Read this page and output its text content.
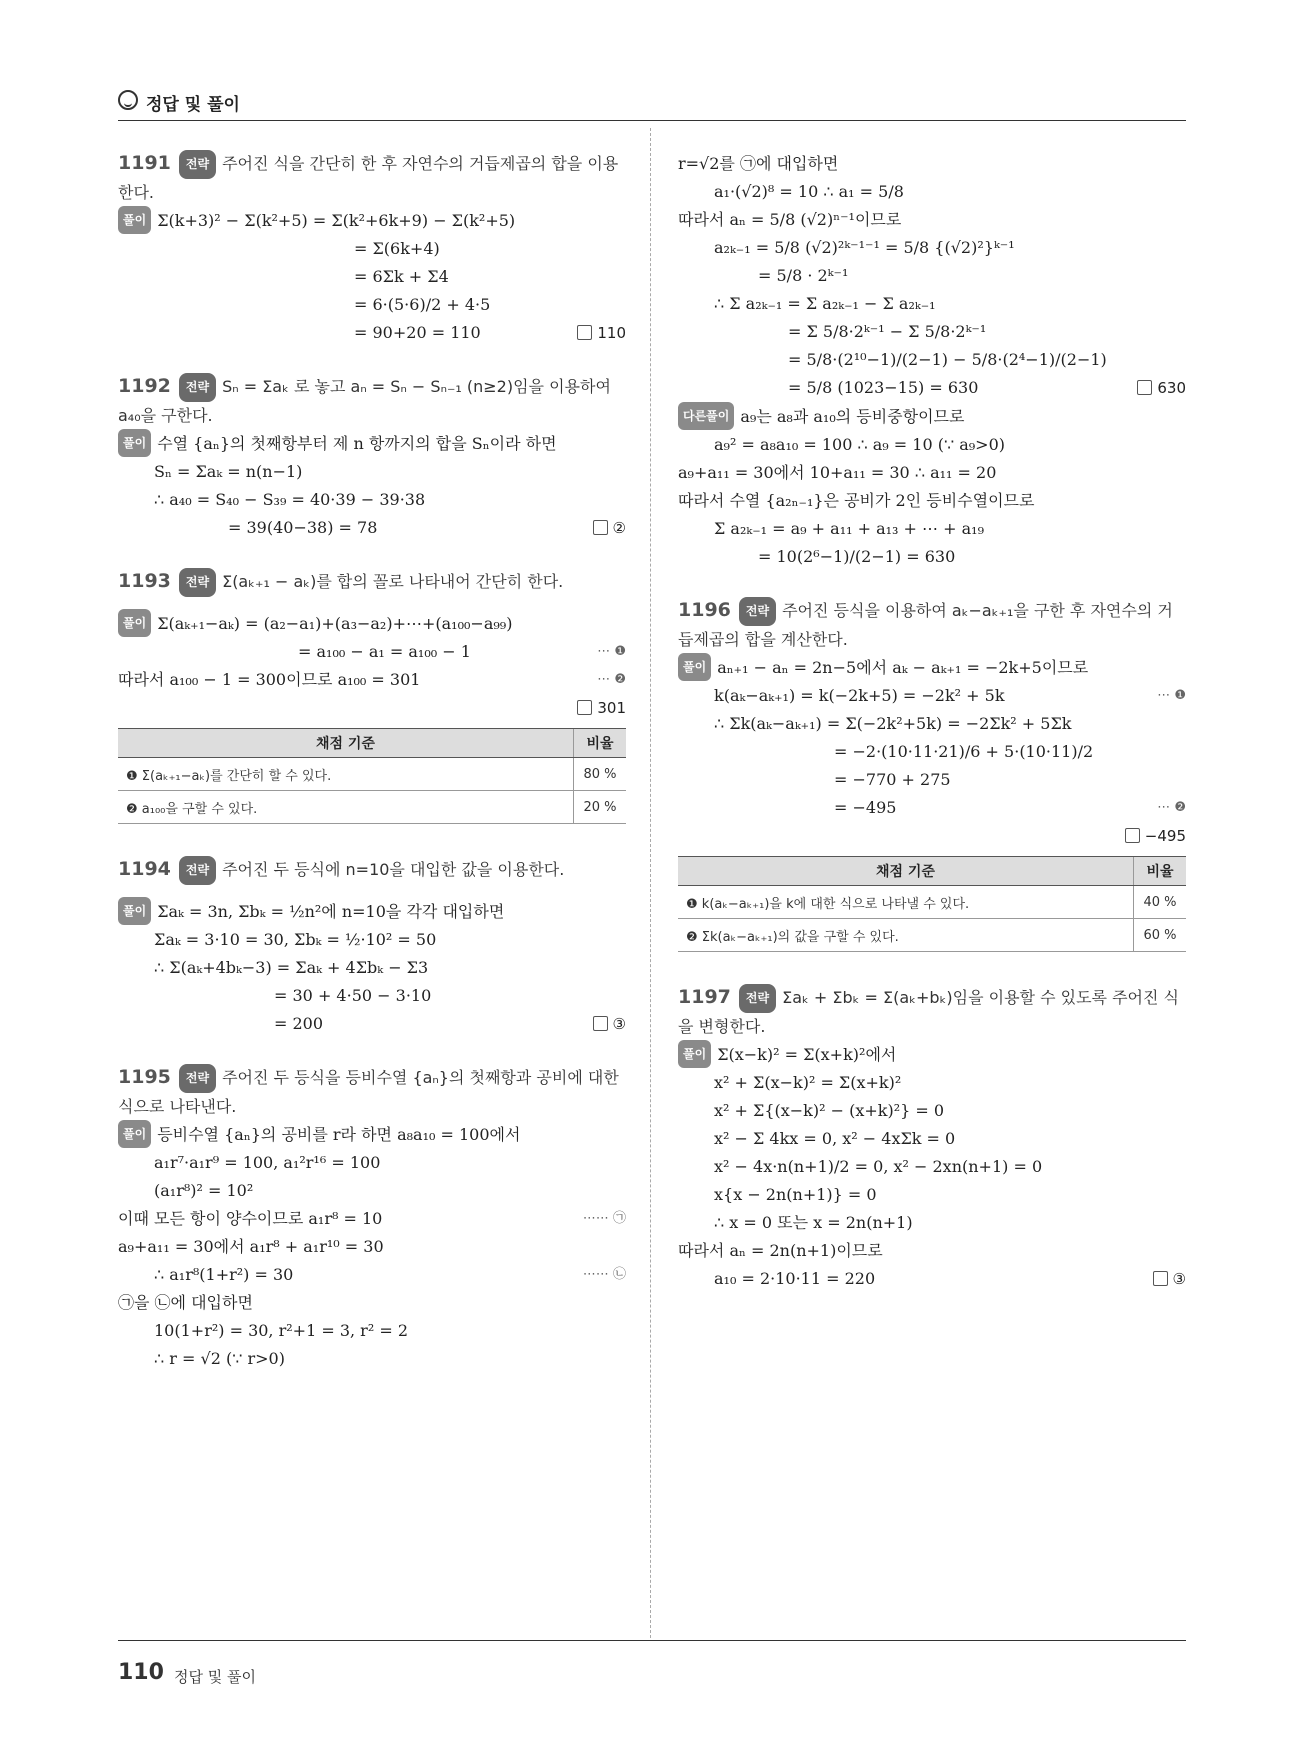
정답 및 풀이
1191 전략 주어진 식을 간단히 한 후 자연수의 거듭제곱의 합을 이용한다.
풀이 Σ(k+3)² − Σ(k²+5) = Σ(k²+6k+9) − Σ(k²+5)
= Σ(6k+4)
= 6Σk + Σ4
= 6·(5·6)/2 + 4·5
= 90+20 = 110	110
1192 전략 Sₙ = Σaₖ 로 놓고 aₙ = Sₙ − Sₙ₋₁ (n≥2)임을 이용하여 a₄₀을 구한다.
풀이 수열 {aₙ}의 첫째항부터 제 n 항까지의 합을 Sₙ이라 하면
Sₙ = Σaₖ = n(n−1)
∴ a₄₀ = S₄₀ − S₃₉ = 40·39 − 39·38
= 39(40−38) = 78	②
1193 전략 Σ(aₖ₊₁ − aₖ)를 합의 꼴로 나타내어 간단히 한다.
풀이 Σ(aₖ₊₁−aₖ) = (a₂−a₁)+(a₃−a₂)+⋯+(a₁₀₀−a₉₉)
= a₁₀₀ − a₁ = a₁₀₀ − 1	⋯ ❶
따라서 a₁₀₀ − 1 = 300이므로 a₁₀₀ = 301	⋯ ❷

301
채점 기준	비율
❶ Σ(aₖ₊₁−aₖ)를 간단히 할 수 있다.	80 %
❷ a₁₀₀을 구할 수 있다.	20 %
1194 전략 주어진 두 등식에 n=10을 대입한 값을 이용한다.
풀이 Σaₖ = 3n, Σbₖ = ½n²에 n=10을 각각 대입하면
Σaₖ = 3·10 = 30, Σbₖ = ½·10² = 50
∴ Σ(aₖ+4bₖ−3) = Σaₖ + 4Σbₖ − Σ3
= 30 + 4·50 − 3·10
= 200	③
1195 전략 주어진 두 등식을 등비수열 {aₙ}의 첫째항과 공비에 대한 식으로 나타낸다.
풀이 등비수열 {aₙ}의 공비를 r라 하면 a₈a₁₀ = 100에서
a₁r⁷·a₁r⁹ = 100, a₁²r¹⁶ = 100
(a₁r⁸)² = 10²
이때 모든 항이 양수이므로 a₁r⁸ = 10	⋯⋯ ㉠
a₉+a₁₁ = 30에서 a₁r⁸ + a₁r¹⁰ = 30
∴ a₁r⁸(1+r²) = 30	⋯⋯ ㉡
㉠을 ㉡에 대입하면
10(1+r²) = 30, r²+1 = 3, r² = 2
∴ r = √2 (∵ r>0)
r=√2를 ㉠에 대입하면
a₁·(√2)⁸ = 10 ∴ a₁ = 5/8
따라서 aₙ = 5/8 (√2)ⁿ⁻¹이므로
a₂ₖ₋₁ = 5/8 (√2)²ᵏ⁻¹⁻¹ = 5/8 {(√2)²}ᵏ⁻¹
= 5/8 · 2ᵏ⁻¹
∴ Σ a₂ₖ₋₁ = Σ a₂ₖ₋₁ − Σ a₂ₖ₋₁
= Σ 5/8·2ᵏ⁻¹ − Σ 5/8·2ᵏ⁻¹
= 5/8·(2¹⁰−1)/(2−1) − 5/8·(2⁴−1)/(2−1)
= 5/8 (1023−15) = 630	630
다른풀이 a₉는 a₈과 a₁₀의 등비중항이므로
a₉² = a₈a₁₀ = 100 ∴ a₉ = 10 (∵ a₉>0)
a₉+a₁₁ = 30에서 10+a₁₁ = 30 ∴ a₁₁ = 20
따라서 수열 {a₂ₙ₋₁}은 공비가 2인 등비수열이므로
Σ a₂ₖ₋₁ = a₉ + a₁₁ + a₁₃ + ⋯ + a₁₉
= 10(2⁶−1)/(2−1) = 630
1196 전략 주어진 등식을 이용하여 aₖ−aₖ₊₁을 구한 후 자연수의 거듭제곱의 합을 계산한다.
풀이 aₙ₊₁ − aₙ = 2n−5에서 aₖ − aₖ₊₁ = −2k+5이므로
k(aₖ−aₖ₊₁) = k(−2k+5) = −2k² + 5k	⋯ ❶
∴ Σk(aₖ−aₖ₊₁) = Σ(−2k²+5k) = −2Σk² + 5Σk
= −2·(10·11·21)/6 + 5·(10·11)/2
= −770 + 275
= −495	⋯ ❷

−495
채점 기준	비율
❶ k(aₖ−aₖ₊₁)을 k에 대한 식으로 나타낼 수 있다.	40 %
❷ Σk(aₖ−aₖ₊₁)의 값을 구할 수 있다.	60 %
1197 전략 Σaₖ + Σbₖ = Σ(aₖ+bₖ)임을 이용할 수 있도록 주어진 식을 변형한다.
풀이 Σ(x−k)² = Σ(x+k)²에서
x² + Σ(x−k)² = Σ(x+k)²
x² + Σ{(x−k)² − (x+k)²} = 0
x² − Σ 4kx = 0, x² − 4xΣk = 0
x² − 4x·n(n+1)/2 = 0, x² − 2xn(n+1) = 0
x{x − 2n(n+1)} = 0
∴ x = 0 또는 x = 2n(n+1)
따라서 aₙ = 2n(n+1)이므로
a₁₀ = 2·10·11 = 220	③
110 정답 및 풀이
